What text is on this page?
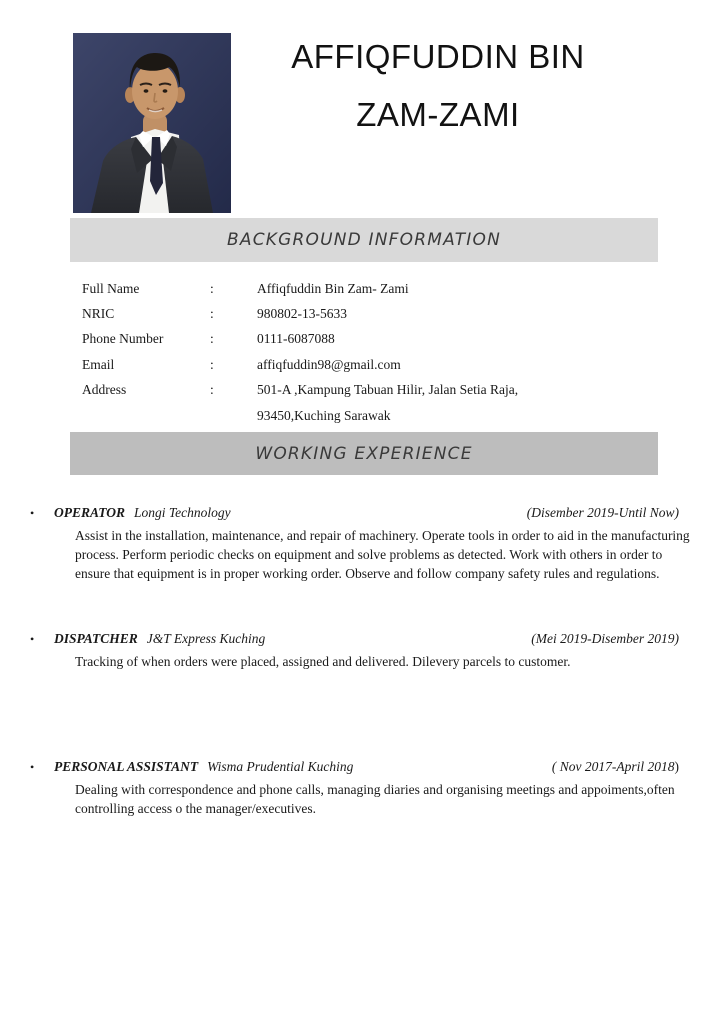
AFFIQFUDDIN BIN
ZAM-ZAMI
BACKGROUND INFORMATION
Full Name	:	Affiqfuddin Bin Zam- Zami
NRIC	:	980802-13-5633
Phone Number	:	0111-6087088
Email	:	affiqfuddin98@gmail.com
Address	:	501-A ,Kampung Tabuan Hilir, Jalan Setia Raja,
93450,Kuching Sarawak
WORKING EXPERIENCE
•	OPERATOR Longi Technology	(Disember 2019-Until Now)
Assist in the installation, maintenance, and repair of machinery. Operate tools in order to aid in the manufacturing process. Perform periodic checks on equipment and solve problems as detected. Work with others in order to ensure that equipment is in proper working order. Observe and follow company safety rules and regulations.
•	DISPATCHER J&T Express Kuching	(Mei 2019-Disember 2019)
Tracking of when orders were placed, assigned and delivered. Dilevery parcels to customer.
•	PERSONAL ASSISTANT Wisma Prudential Kuching	( Nov 2017-April 2018)
Dealing with correspondence and phone calls, managing diaries and organising meetings and appoiments,often controlling access o the manager/executives.
